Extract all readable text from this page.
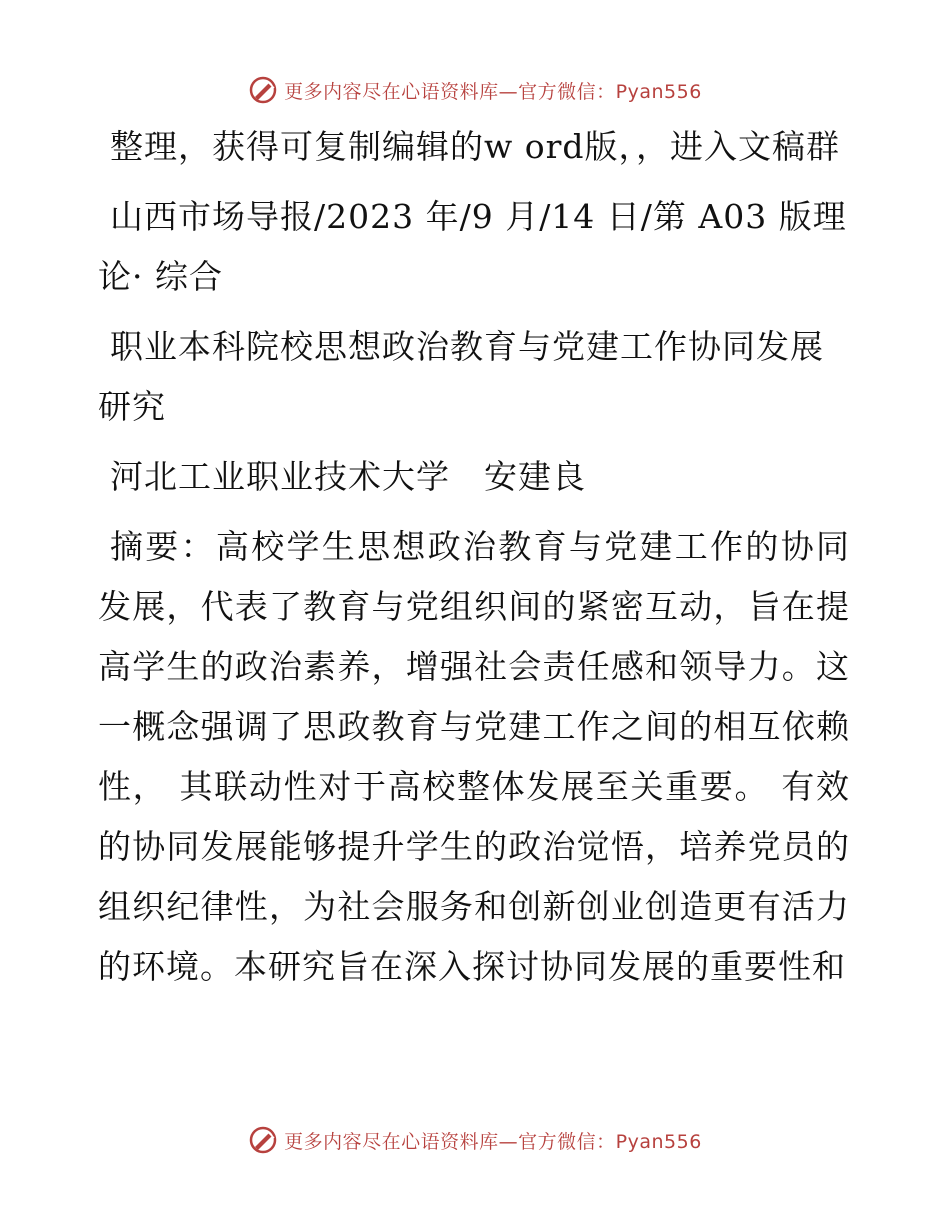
更多内容尽在心语资料库—官方微信：Pyan556

整理，获得可复制编辑的w ord版，，进入文稿群

山西市场导报/2023 年/9 月/14 日/第 A03 版理论· 综合

职业本科院校思想政治教育与党建工作协同发展研究

河北工业职业技术大学　安建良

摘要：高校学生思想政治教育与党建工作的协同发展，代表了教育与党组织间的紧密互动，旨在提高学生的政治素养，增强社会责任感和领导力。这一概念强调了思政教育与党建工作之间的相互依赖性， 其联动性对于高校整体发展至关重要。 有效的协同发展能够提升学生的政治觉悟，培养党员的组织纪律性，为社会服务和创新创业创造更有活力的环境。本研究旨在深入探讨协同发展的重要性和

更多内容尽在心语资料库—官方微信：Pyan556
